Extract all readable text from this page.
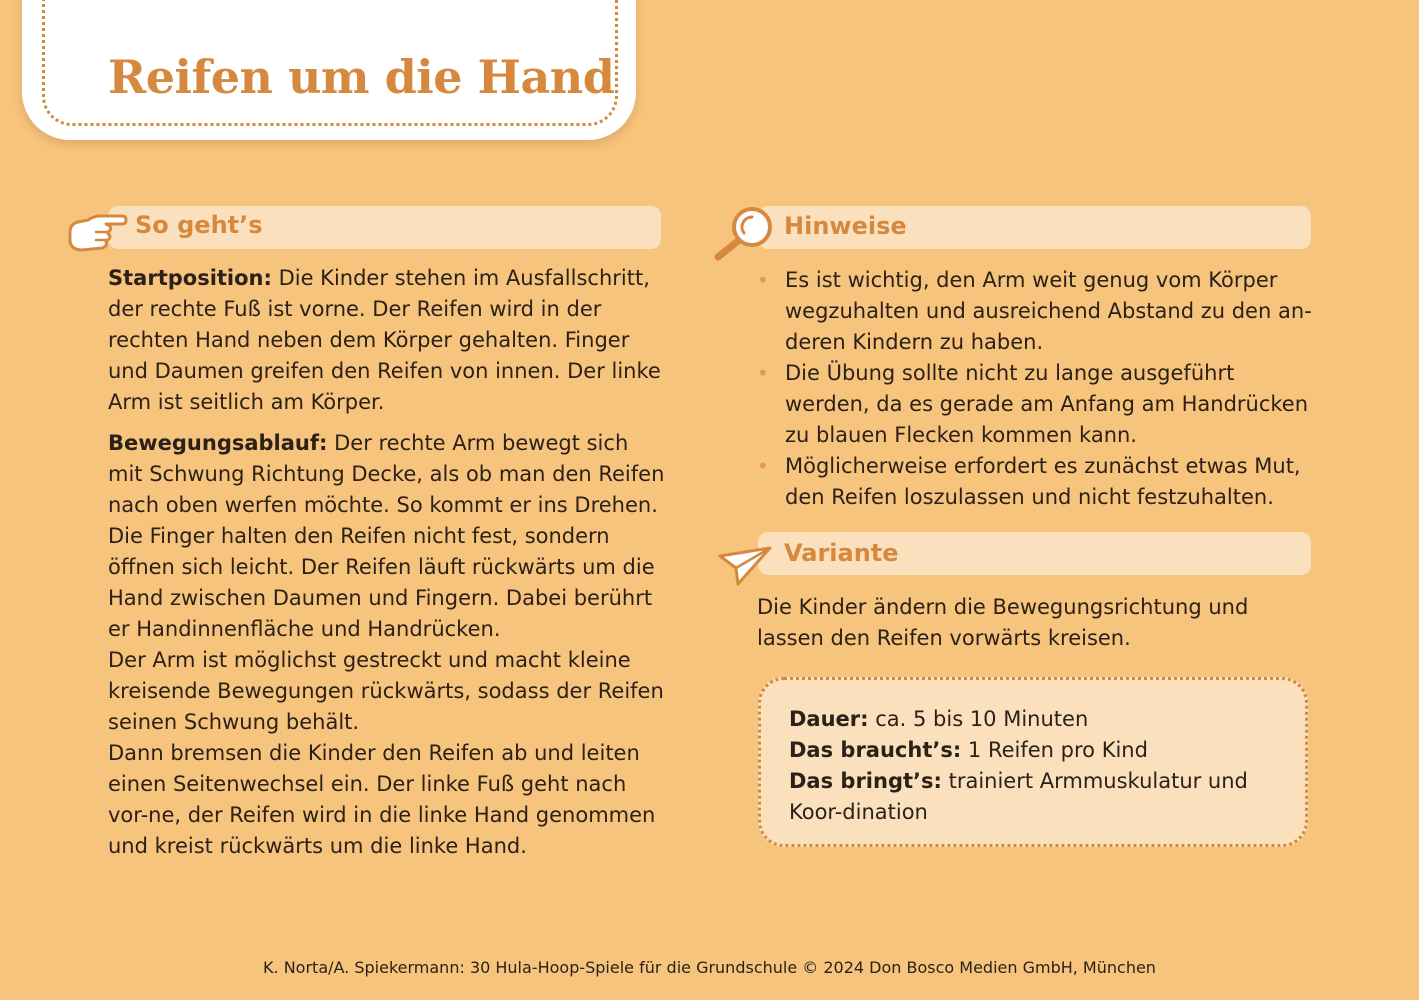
Reifen um die Hand
So geht’s

Startposition: Die Kinder stehen im Ausfallschritt, der rechte Fuß ist vorne. Der Reifen wird in der rechten Hand neben dem Körper gehalten. Finger und Daumen greifen den Reifen von innen. Der linke Arm ist seitlich am Körper.

Bewegungsablauf: Der rechte Arm bewegt sich mit Schwung Richtung Decke, als ob man den Reifen nach oben werfen möchte. So kommt er ins Drehen. Die Finger halten den Reifen nicht fest, sondern öffnen sich leicht. Der Reifen läuft rückwärts um die Hand zwischen Daumen und Fingern. Dabei berührt er Handinnenfläche und Handrücken.

Der Arm ist möglichst gestreckt und macht kleine kreisende Bewegungen rückwärts, sodass der Reifen seinen Schwung behält.

Dann bremsen die Kinder den Reifen ab und leiten einen Seitenwechsel ein. Der linke Fuß geht nach vor-ne, der Reifen wird in die linke Hand genommen und kreist rückwärts um die linke Hand.

Hinweise
• Es ist wichtig, den Arm weit genug vom Körper wegzuhalten und ausreichend Abstand zu den an-deren Kindern zu haben.
• Die Übung sollte nicht zu lange ausgeführt werden, da es gerade am Anfang am Handrücken zu blauen Flecken kommen kann.
• Möglicherweise erfordert es zunächst etwas Mut, den Reifen loszulassen und nicht festzuhalten.
Variante
Die Kinder ändern die Bewegungsrichtung und lassen den Reifen vorwärts kreisen.
Dauer: ca. 5 bis 10 Minuten
Das braucht’s: 1 Reifen pro Kind
Das bringt’s: trainiert Armmuskulatur und Koor-dination
K. Norta/A. Spiekermann: 30 Hula-Hoop-Spiele für die Grundschule © 2024 Don Bosco Medien GmbH, München
